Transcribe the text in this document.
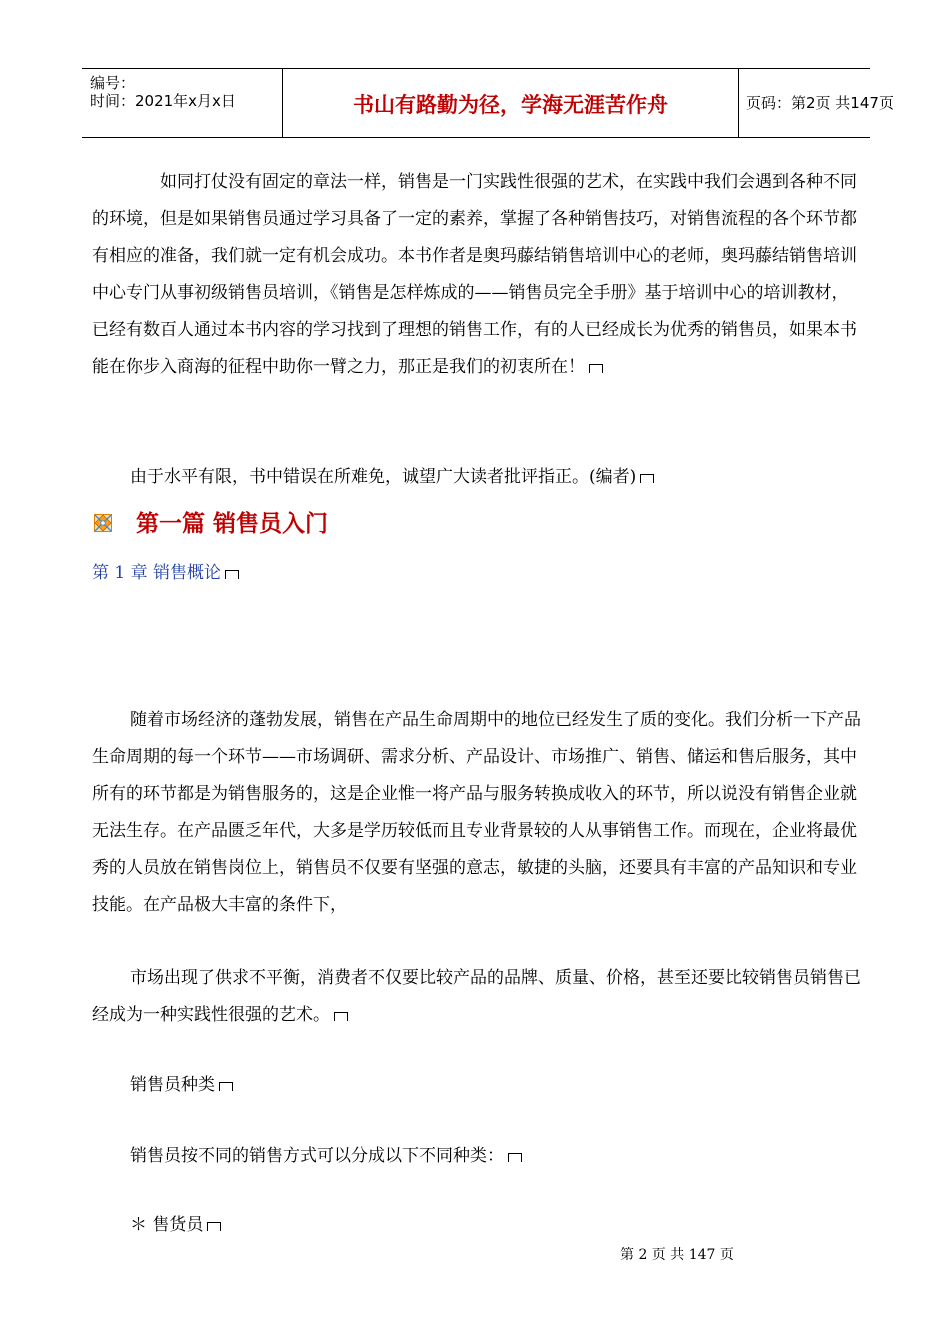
编号：
时间：2021年x月x日	书山有路勤为径，学海无涯苦作舟	页码：第2页 共147页
如同打仗没有固定的章法一样，销售是一门实践性很强的艺术，在实践中我们会遇到各种不同的环境，但是如果销售员通过学习具备了一定的素养，掌握了各种销售技巧，对销售流程的各个环节都有相应的准备，我们就一定有机会成功。本书作者是奥玛藤结销售培训中心的老师，奥玛藤结销售培训中心专门从事初级销售员培训，《销售是怎样炼成的——销售员完全手册》基于培训中心的培训教材，已经有数百人通过本书内容的学习找到了理想的销售工作，有的人已经成长为优秀的销售员，如果本书能在你步入商海的征程中助你一臂之力，那正是我们的初衷所在！
由于水平有限，书中错误在所难免，诚望广大读者批评指正。(编者)
第一篇 销售员入门
第 1 章 销售概论
随着市场经济的蓬勃发展，销售在产品生命周期中的地位已经发生了质的变化。我们分析一下产品生命周期的每一个环节——市场调研、需求分析、产品设计、市场推广、销售、储运和售后服务，其中所有的环节都是为销售服务的，这是企业惟一将产品与服务转换成收入的环节，所以说没有销售企业就无法生存。在产品匮乏年代，大多是学历较低而且专业背景较的人从事销售工作。而现在，企业将最优秀的人员放在销售岗位上，销售员不仅要有坚强的意志，敏捷的头脑，还要具有丰富的产品知识和专业技能。在产品极大丰富的条件下，
市场出现了供求不平衡，消费者不仅要比较产品的品牌、质量、价格，甚至还要比较销售员销售已经成为一种实践性很强的艺术。
销售员种类
销售员按不同的销售方式可以分成以下不同种类：
＊ 售货员
第 2 页 共 147 页
